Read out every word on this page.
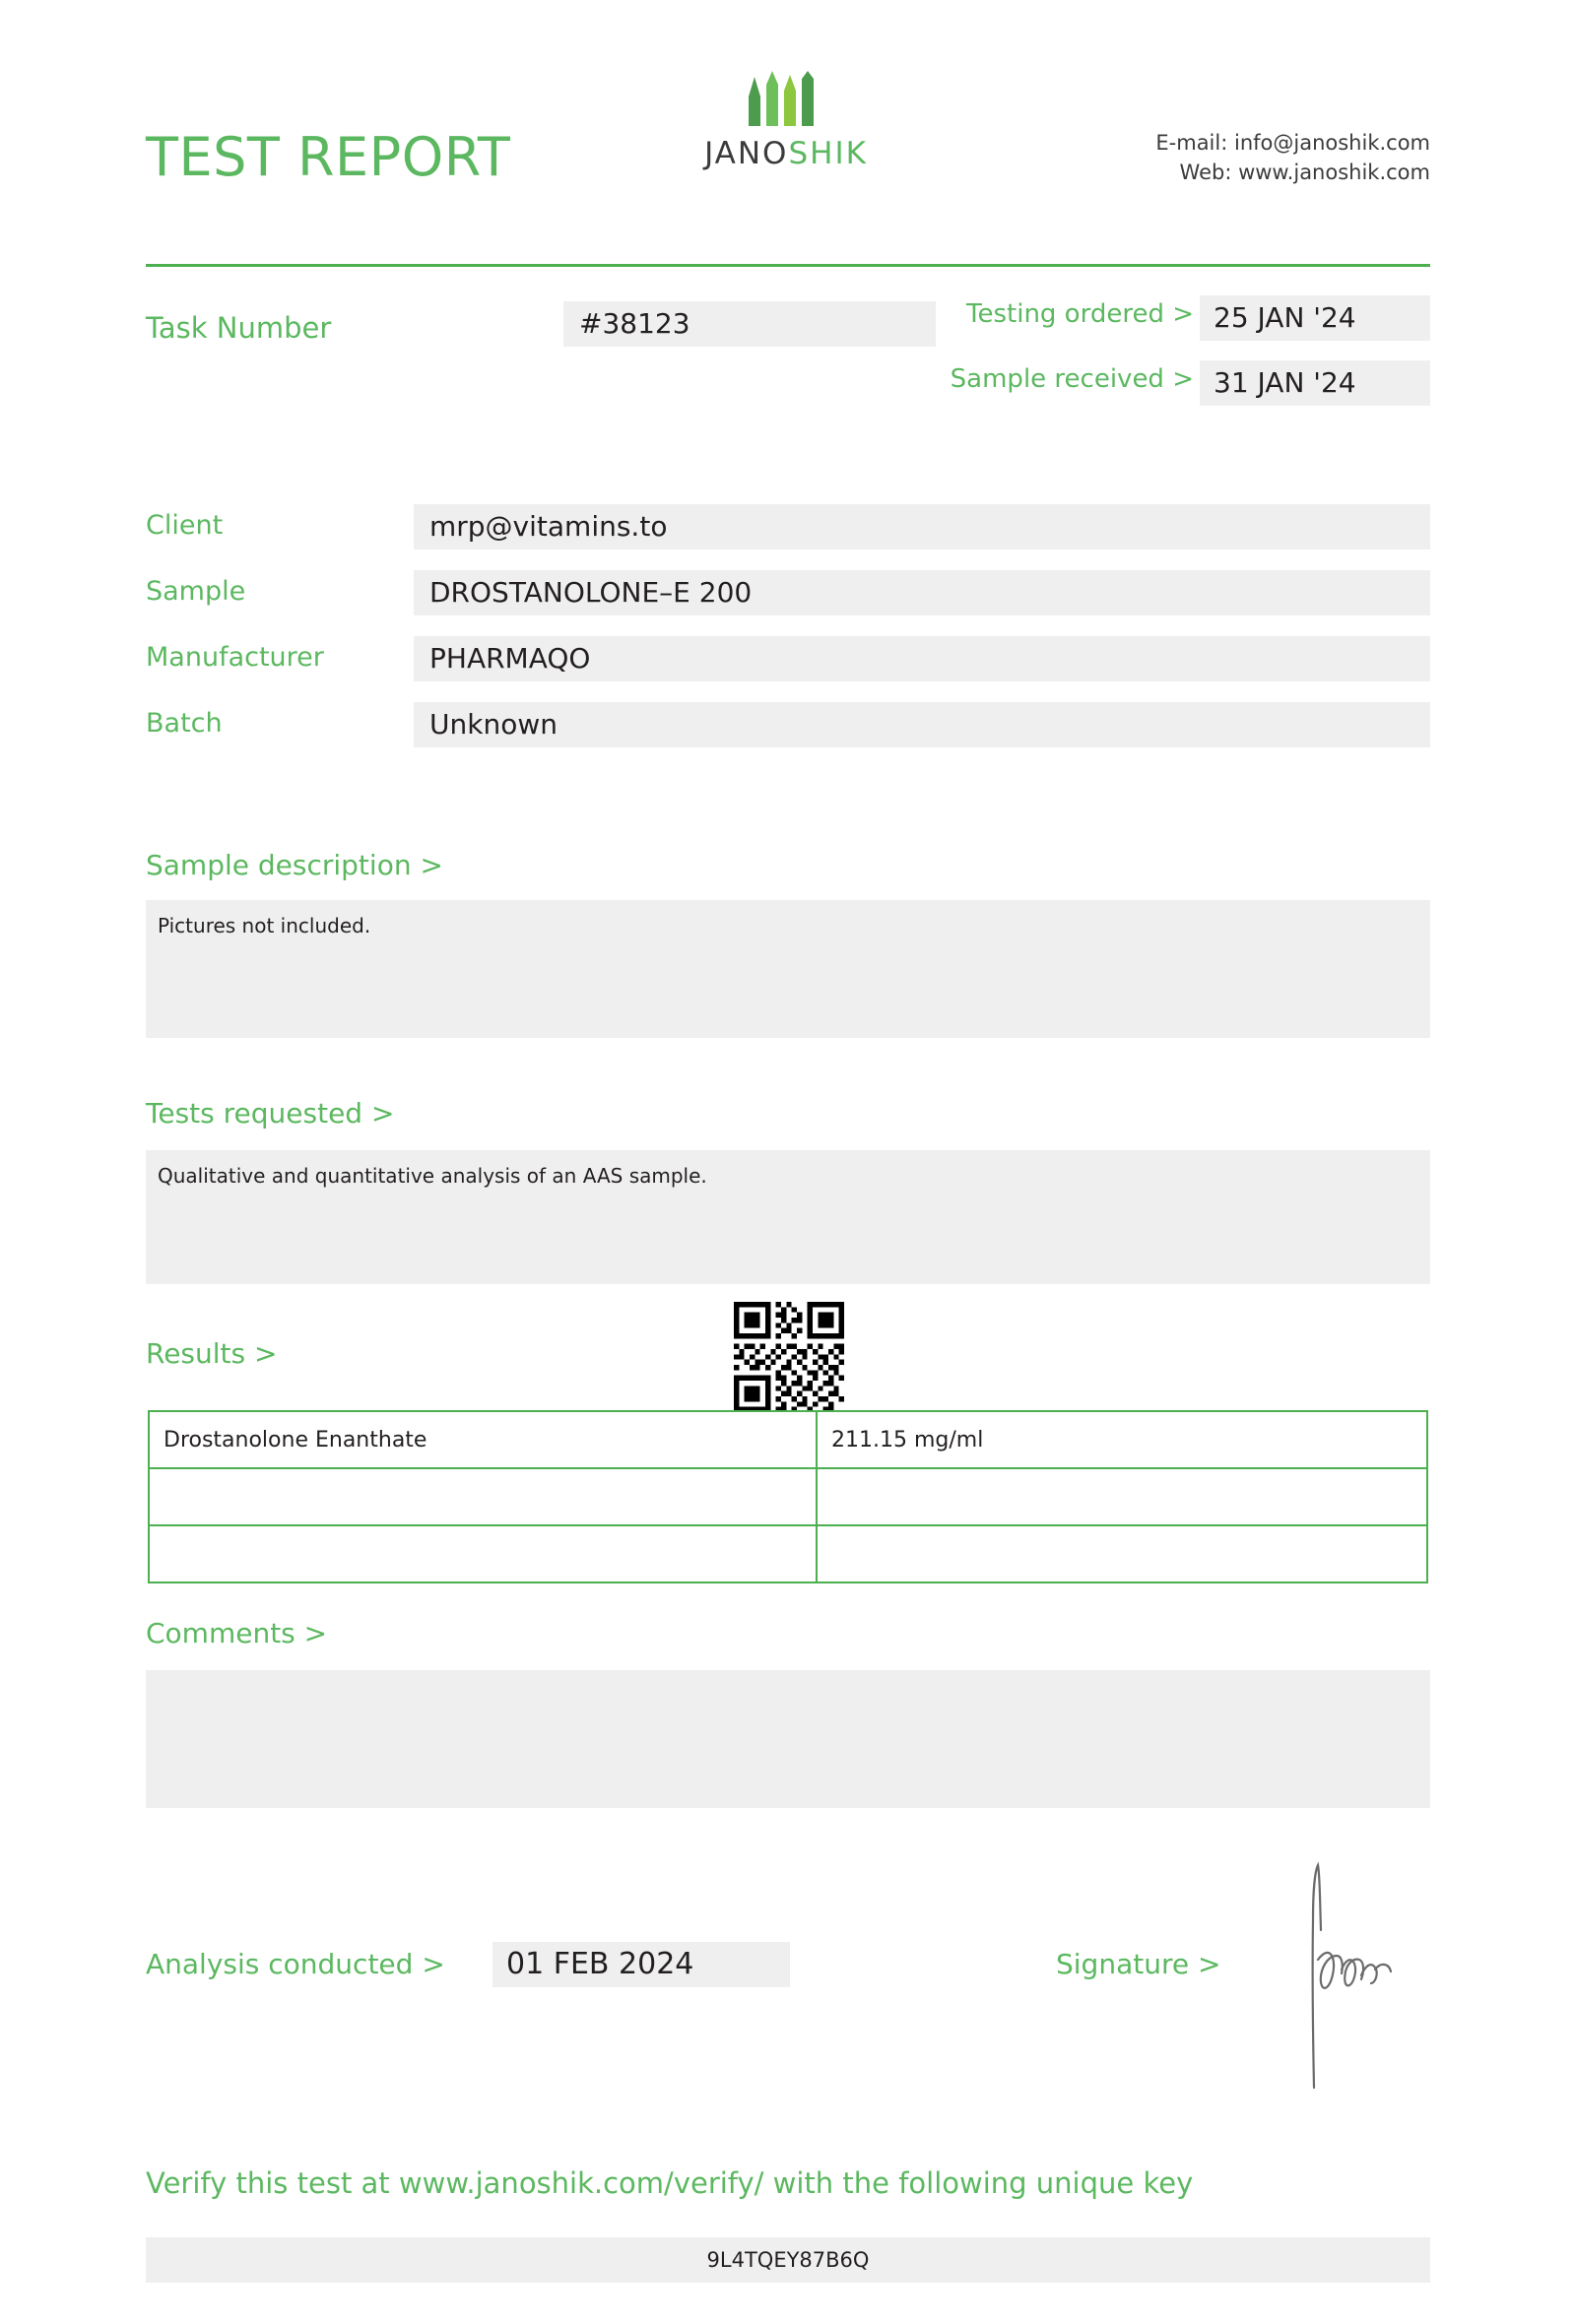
TEST REPORT	JANOSHIK	E-mail: info@janoshik.com
Web: www.janoshik.com
Task Number	#38123	Testing ordered > 25 JAN '24
Sample received > 31 JAN '24
Client	mrp@vitamins.to
Sample	DROSTANOLONE–E 200
Manufacturer	PHARMAQO
Batch	Unknown
Sample description >
Pictures not included.
Tests requested >
Qualitative and quantitative analysis of an AAS sample.
Results >
Drostanolone Enanthate	211.15 mg/ml

Comments >
Analysis conducted >	01 FEB 2024	Signature >
Verify this test at www.janoshik.com/verify/ with the following unique key
9L4TQEY87B6Q
